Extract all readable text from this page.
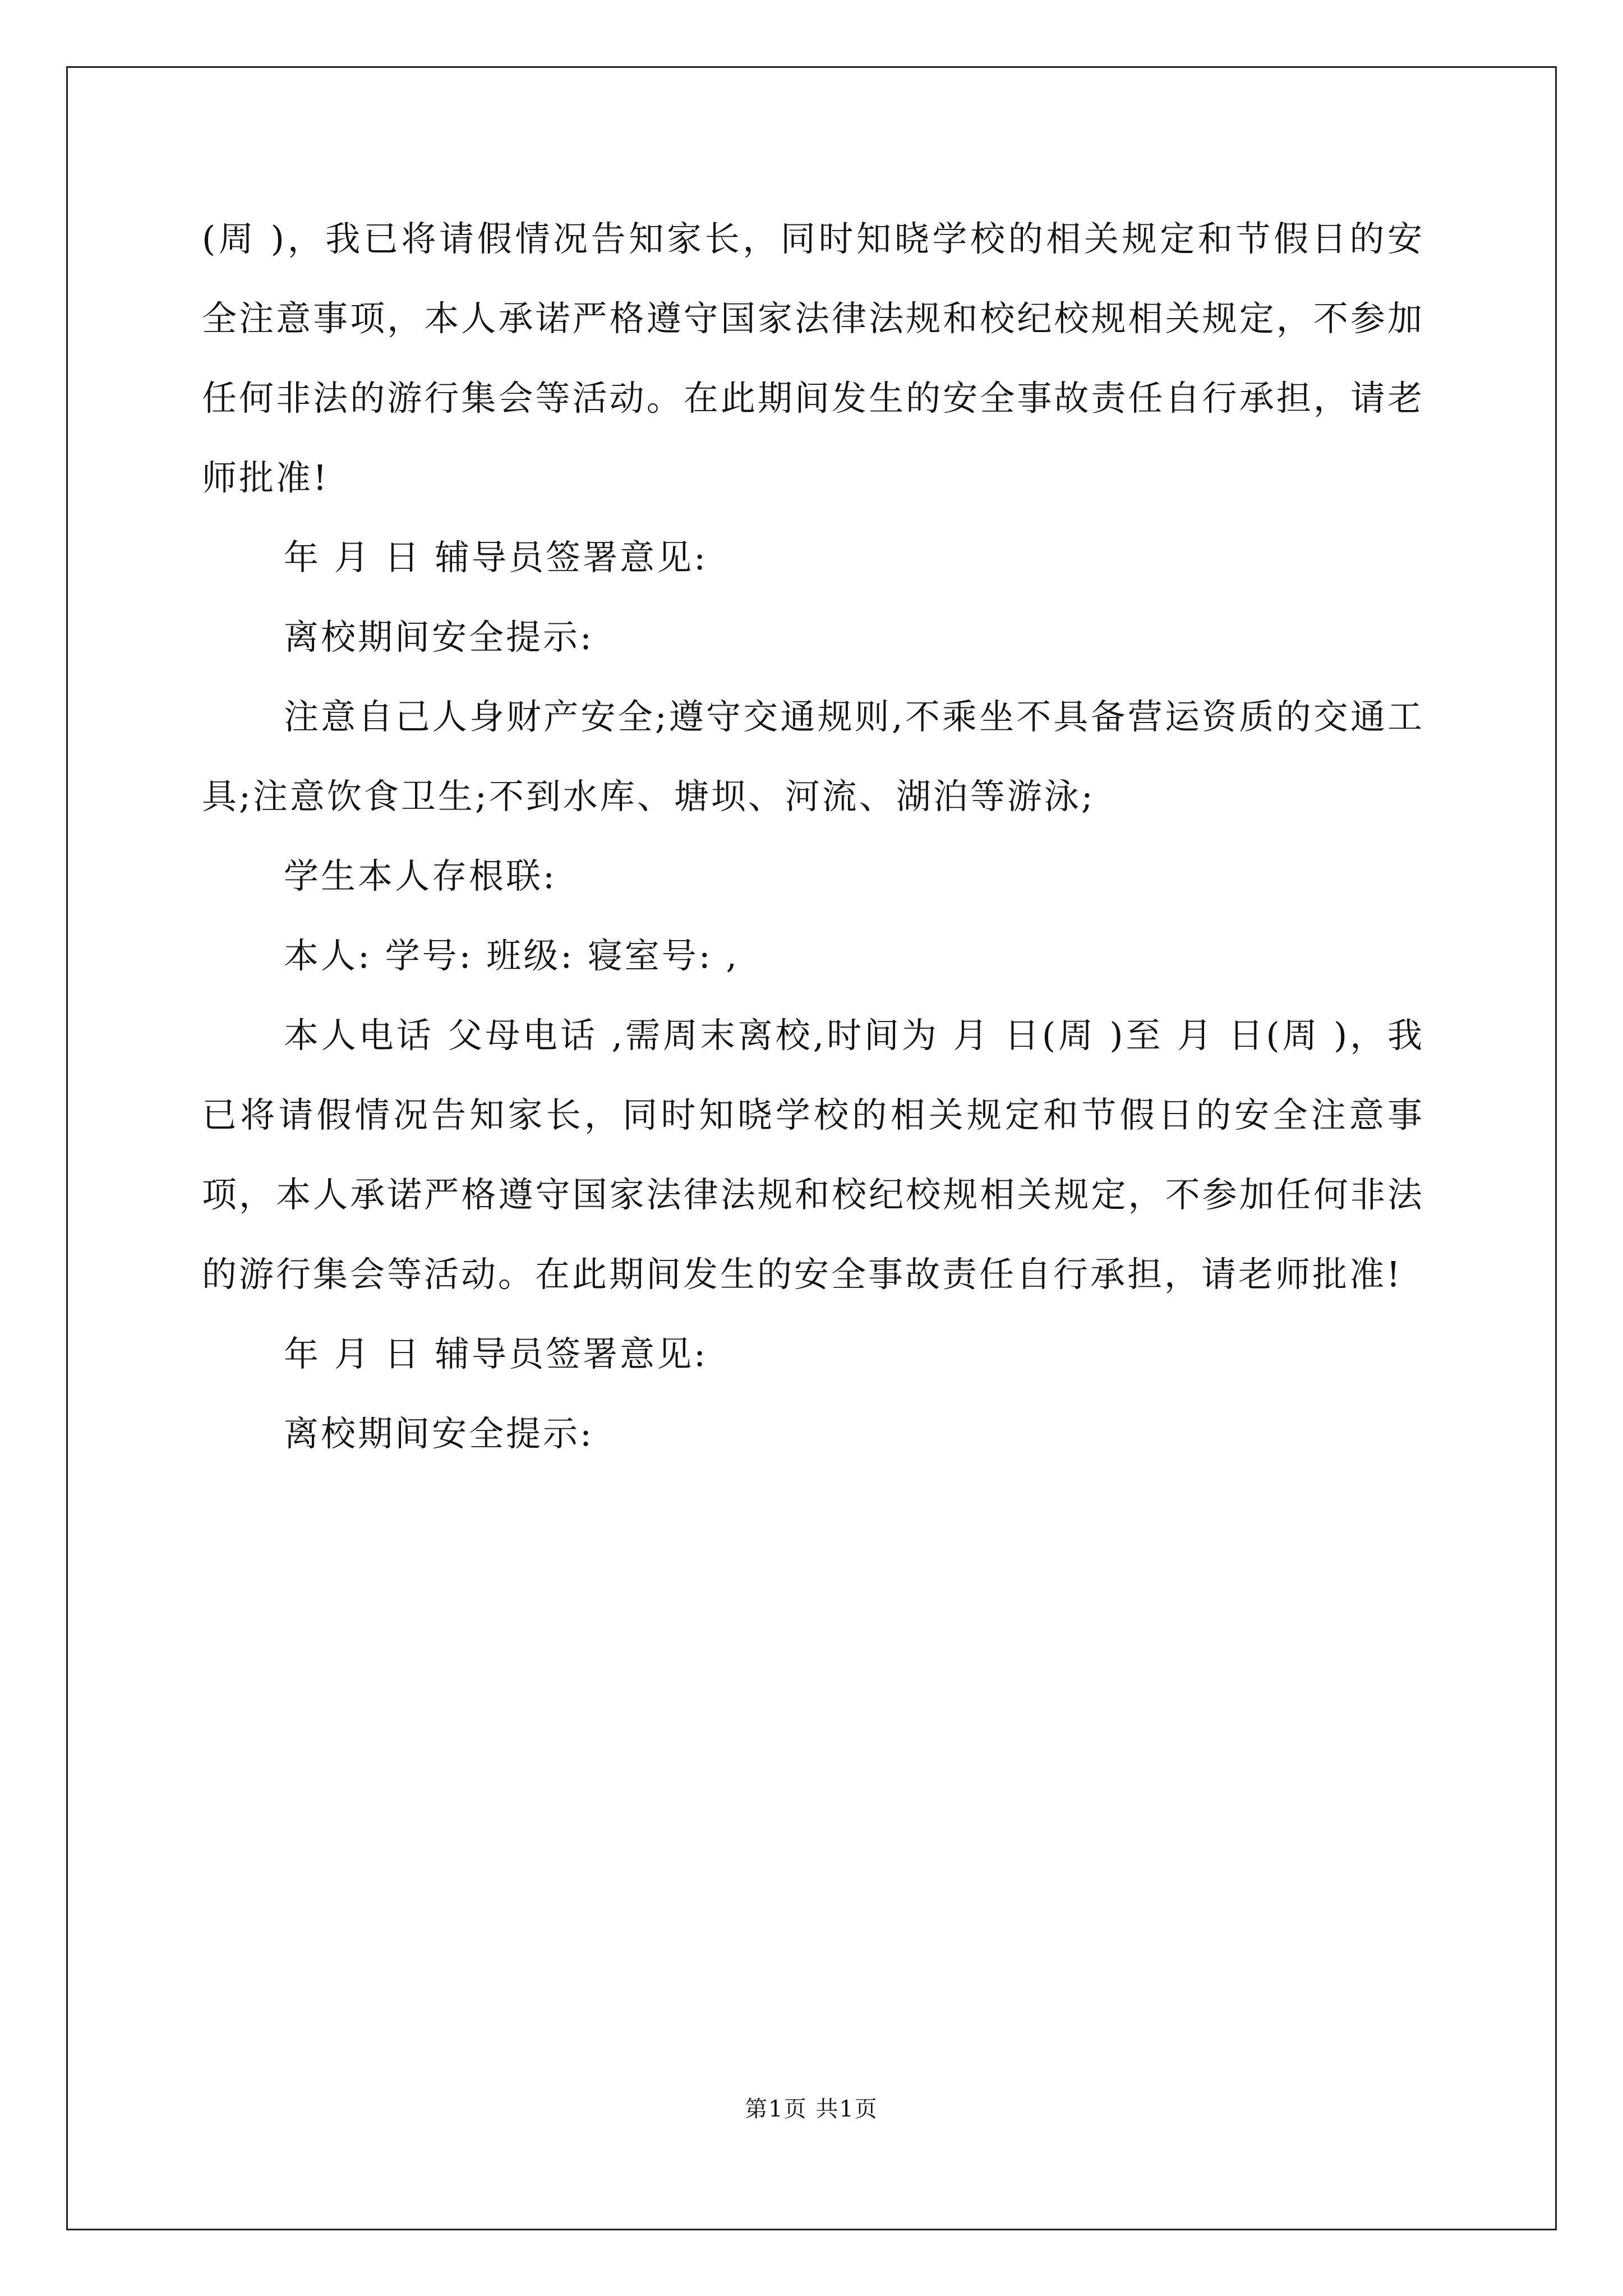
(周 )，我已将请假情况告知家长，同时知晓学校的相关规定和节假日的安全注意事项，本人承诺严格遵守国家法律法规和校纪校规相关规定，不参加任何非法的游行集会等活动。在此期间发生的安全事故责任自行承担，请老师批准!

年 月 日 辅导员签署意见:

离校期间安全提示:

注意自己人身财产安全;遵守交通规则,不乘坐不具备营运资质的交通工具;注意饮食卫生;不到水库、塘坝、河流、湖泊等游泳;

学生本人存根联:

本人: 学号: 班级: 寝室号: ,

本人电话 父母电话 ,需周末离校,时间为 月 日(周 )至 月 日(周 )，我已将请假情况告知家长，同时知晓学校的相关规定和节假日的安全注意事项，本人承诺严格遵守国家法律法规和校纪校规相关规定，不参加任何非法的游行集会等活动。在此期间发生的安全事故责任自行承担，请老师批准!

年 月 日 辅导员签署意见:

离校期间安全提示:

第1页 共1页
